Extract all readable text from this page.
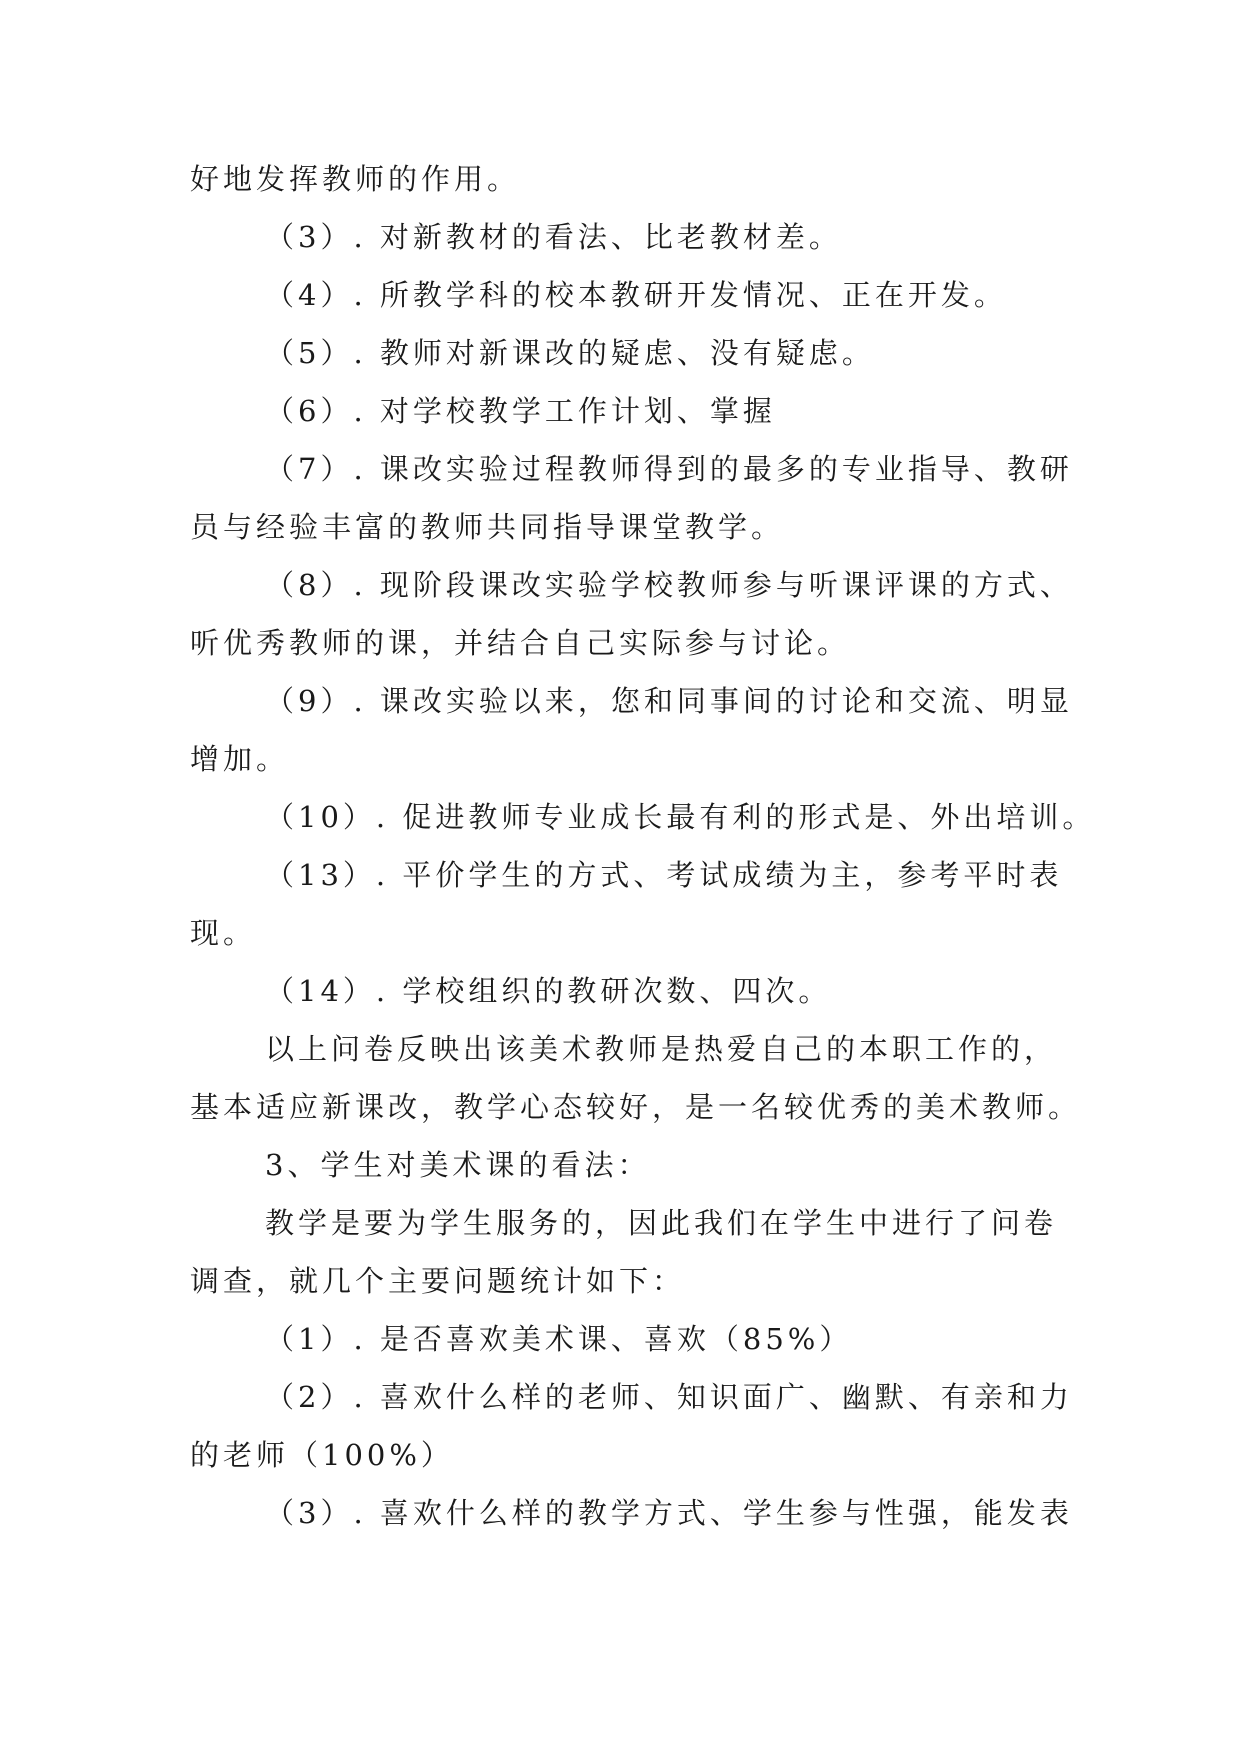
好地发挥教师的作用。
（3）. 对新教材的看法、比老教材差。
（4）. 所教学科的校本教研开发情况、正在开发。
（5）. 教师对新课改的疑虑、没有疑虑。
（6）. 对学校教学工作计划、掌握
（7）. 课改实验过程教师得到的最多的专业指导、教研
员与经验丰富的教师共同指导课堂教学。
（8）. 现阶段课改实验学校教师参与听课评课的方式、
听优秀教师的课，并结合自己实际参与讨论。
（9）. 课改实验以来，您和同事间的讨论和交流、明显
增加。
（10）. 促进教师专业成长最有利的形式是、外出培训。
（13）. 平价学生的方式、考试成绩为主，参考平时表
现。
（14）. 学校组织的教研次数、四次。
以上问卷反映出该美术教师是热爱自己的本职工作的，
基本适应新课改，教学心态较好，是一名较优秀的美术教师。
3、学生对美术课的看法：
教学是要为学生服务的，因此我们在学生中进行了问卷
调查，就几个主要问题统计如下：
（1）. 是否喜欢美术课、喜欢（85%）
（2）. 喜欢什么样的老师、知识面广、幽默、有亲和力
的老师（100%）
（3）. 喜欢什么样的教学方式、学生参与性强，能发表
